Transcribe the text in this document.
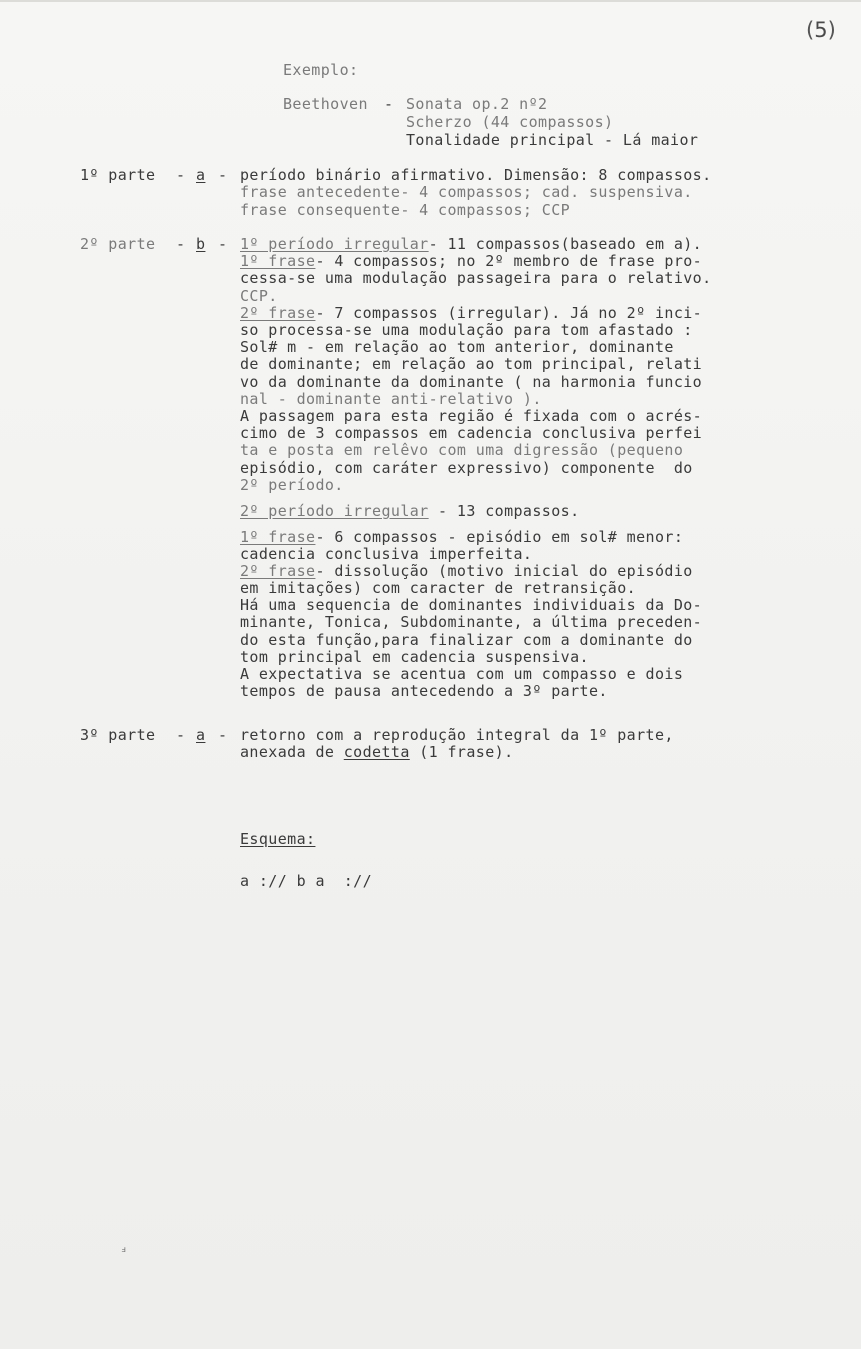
(5)
Exemplo:
Beethoven - Sonata op.2 nº2
Scherzo (44 compassos)
Tonalidade principal - Lá maior
1º parte - a - período binário afirmativo. Dimensão: 8 compassos.
frase antecedente- 4 compassos; cad. suspensiva.
frase consequente- 4 compassos; CCP
2º parte - b - 1º período irregular- 11 compassos(baseado em a).
1º frase- 4 compassos; no 2º membro de frase pro-
cessa-se uma modulação passageira para o relativo.
CCP.
2º frase- 7 compassos (irregular). Já no 2º inci-
so processa-se uma modulação para tom afastado :
Sol# m - em relação ao tom anterior, dominante
de dominante; em relação ao tom principal, relati
vo da dominante da dominante ( na harmonia funcio
nal - dominante anti-relativo ).
A passagem para esta região é fixada com o acrés-
cimo de 3 compassos em cadencia conclusiva perfei
ta e posta em relêvo com uma digressão (pequeno
episódio, com caráter expressivo) componente  do
2º período.
2º período irregular - 13 compassos.
1º frase- 6 compassos - episódio em sol# menor:
cadencia conclusiva imperfeita.
2º frase- dissolução (motivo inicial do episódio
em imitações) com caracter de retransição.
Há uma sequencia de dominantes individuais da Do-
minante, Tonica, Subdominante, a última preceden-
do esta função,para finalizar com a dominante do
tom principal em cadencia suspensiva.
A expectativa se acentua com um compasso e dois
tempos de pausa antecedendo a 3º parte.
3º parte - a - retorno com a reprodução integral da 1º parte,
anexada de codetta (1 frase).
Esquema:
a :// b a  ://
ⅎ
